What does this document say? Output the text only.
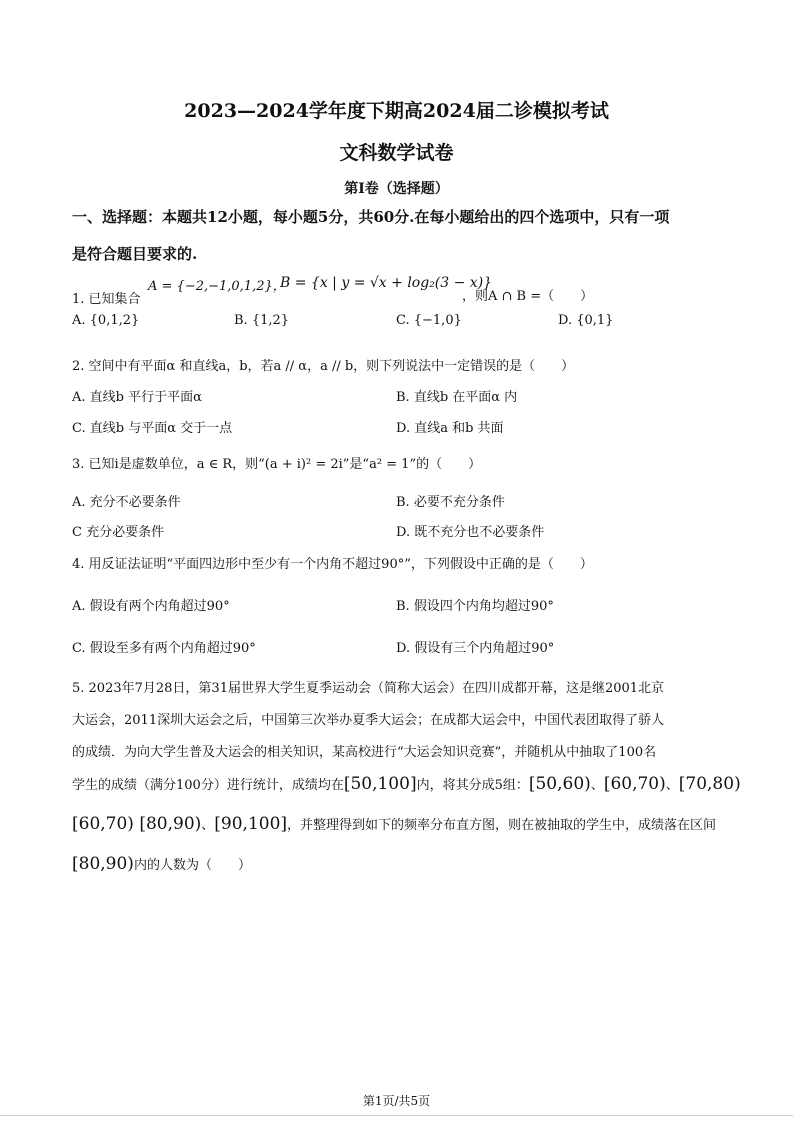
2023—2024学年度下期高2024届二诊模拟考试
文科数学试卷
第I卷（选择题）
一、选择题：本题共12小题，每小题5分，共60分.在每小题给出的四个选项中，只有一项
是符合题目要求的.
1. 已知集合
A = {−2,−1,0,1,2}，
B = {x | y = √x + log₂(3 − x)}
，则A ∩ B =（　　）
A. {0,1,2}	B. {1,2}	C. {−1,0}	D. {0,1}
2. 空间中有平面α 和直线a，b，若a // α，a // b，则下列说法中一定错误的是（　　）
A. 直线b 平行于平面α	B. 直线b 在平面α 内
C. 直线b 与平面α 交于一点	D. 直线a 和b 共面
3. 已知i是虚数单位，a ∈ R，则“(a + i)² = 2i”是“a² = 1”的（　　）
A. 充分不必要条件	B. 必要不充分条件
C 充分必要条件	D. 既不充分也不必要条件
4. 用反证法证明“平面四边形中至少有一个内角不超过90°”，下列假设中正确的是（　　）
A. 假设有两个内角超过90°	B. 假设四个内角均超过90°
C. 假设至多有两个内角超过90°	D. 假设有三个内角超过90°
5. 2023年7月28日，第31届世界大学生夏季运动会（简称大运会）在四川成都开幕，这是继2001北京
大运会，2011深圳大运会之后，中国第三次举办夏季大运会；在成都大运会中，中国代表团取得了骄人
的成绩．为向大学生普及大运会的相关知识，某高校进行“大运会知识竞赛”，并随机从中抽取了100名
学生的成绩（满分100分）进行统计，成绩均在[50,100]内，将其分成5组：[50,60)、[60,70)、[70,80)
[60,70) [80,90)、[90,100]，并整理得到如下的频率分布直方图，则在被抽取的学生中，成绩落在区间
[80,90)内的人数为（　　）
第1页/共5页
